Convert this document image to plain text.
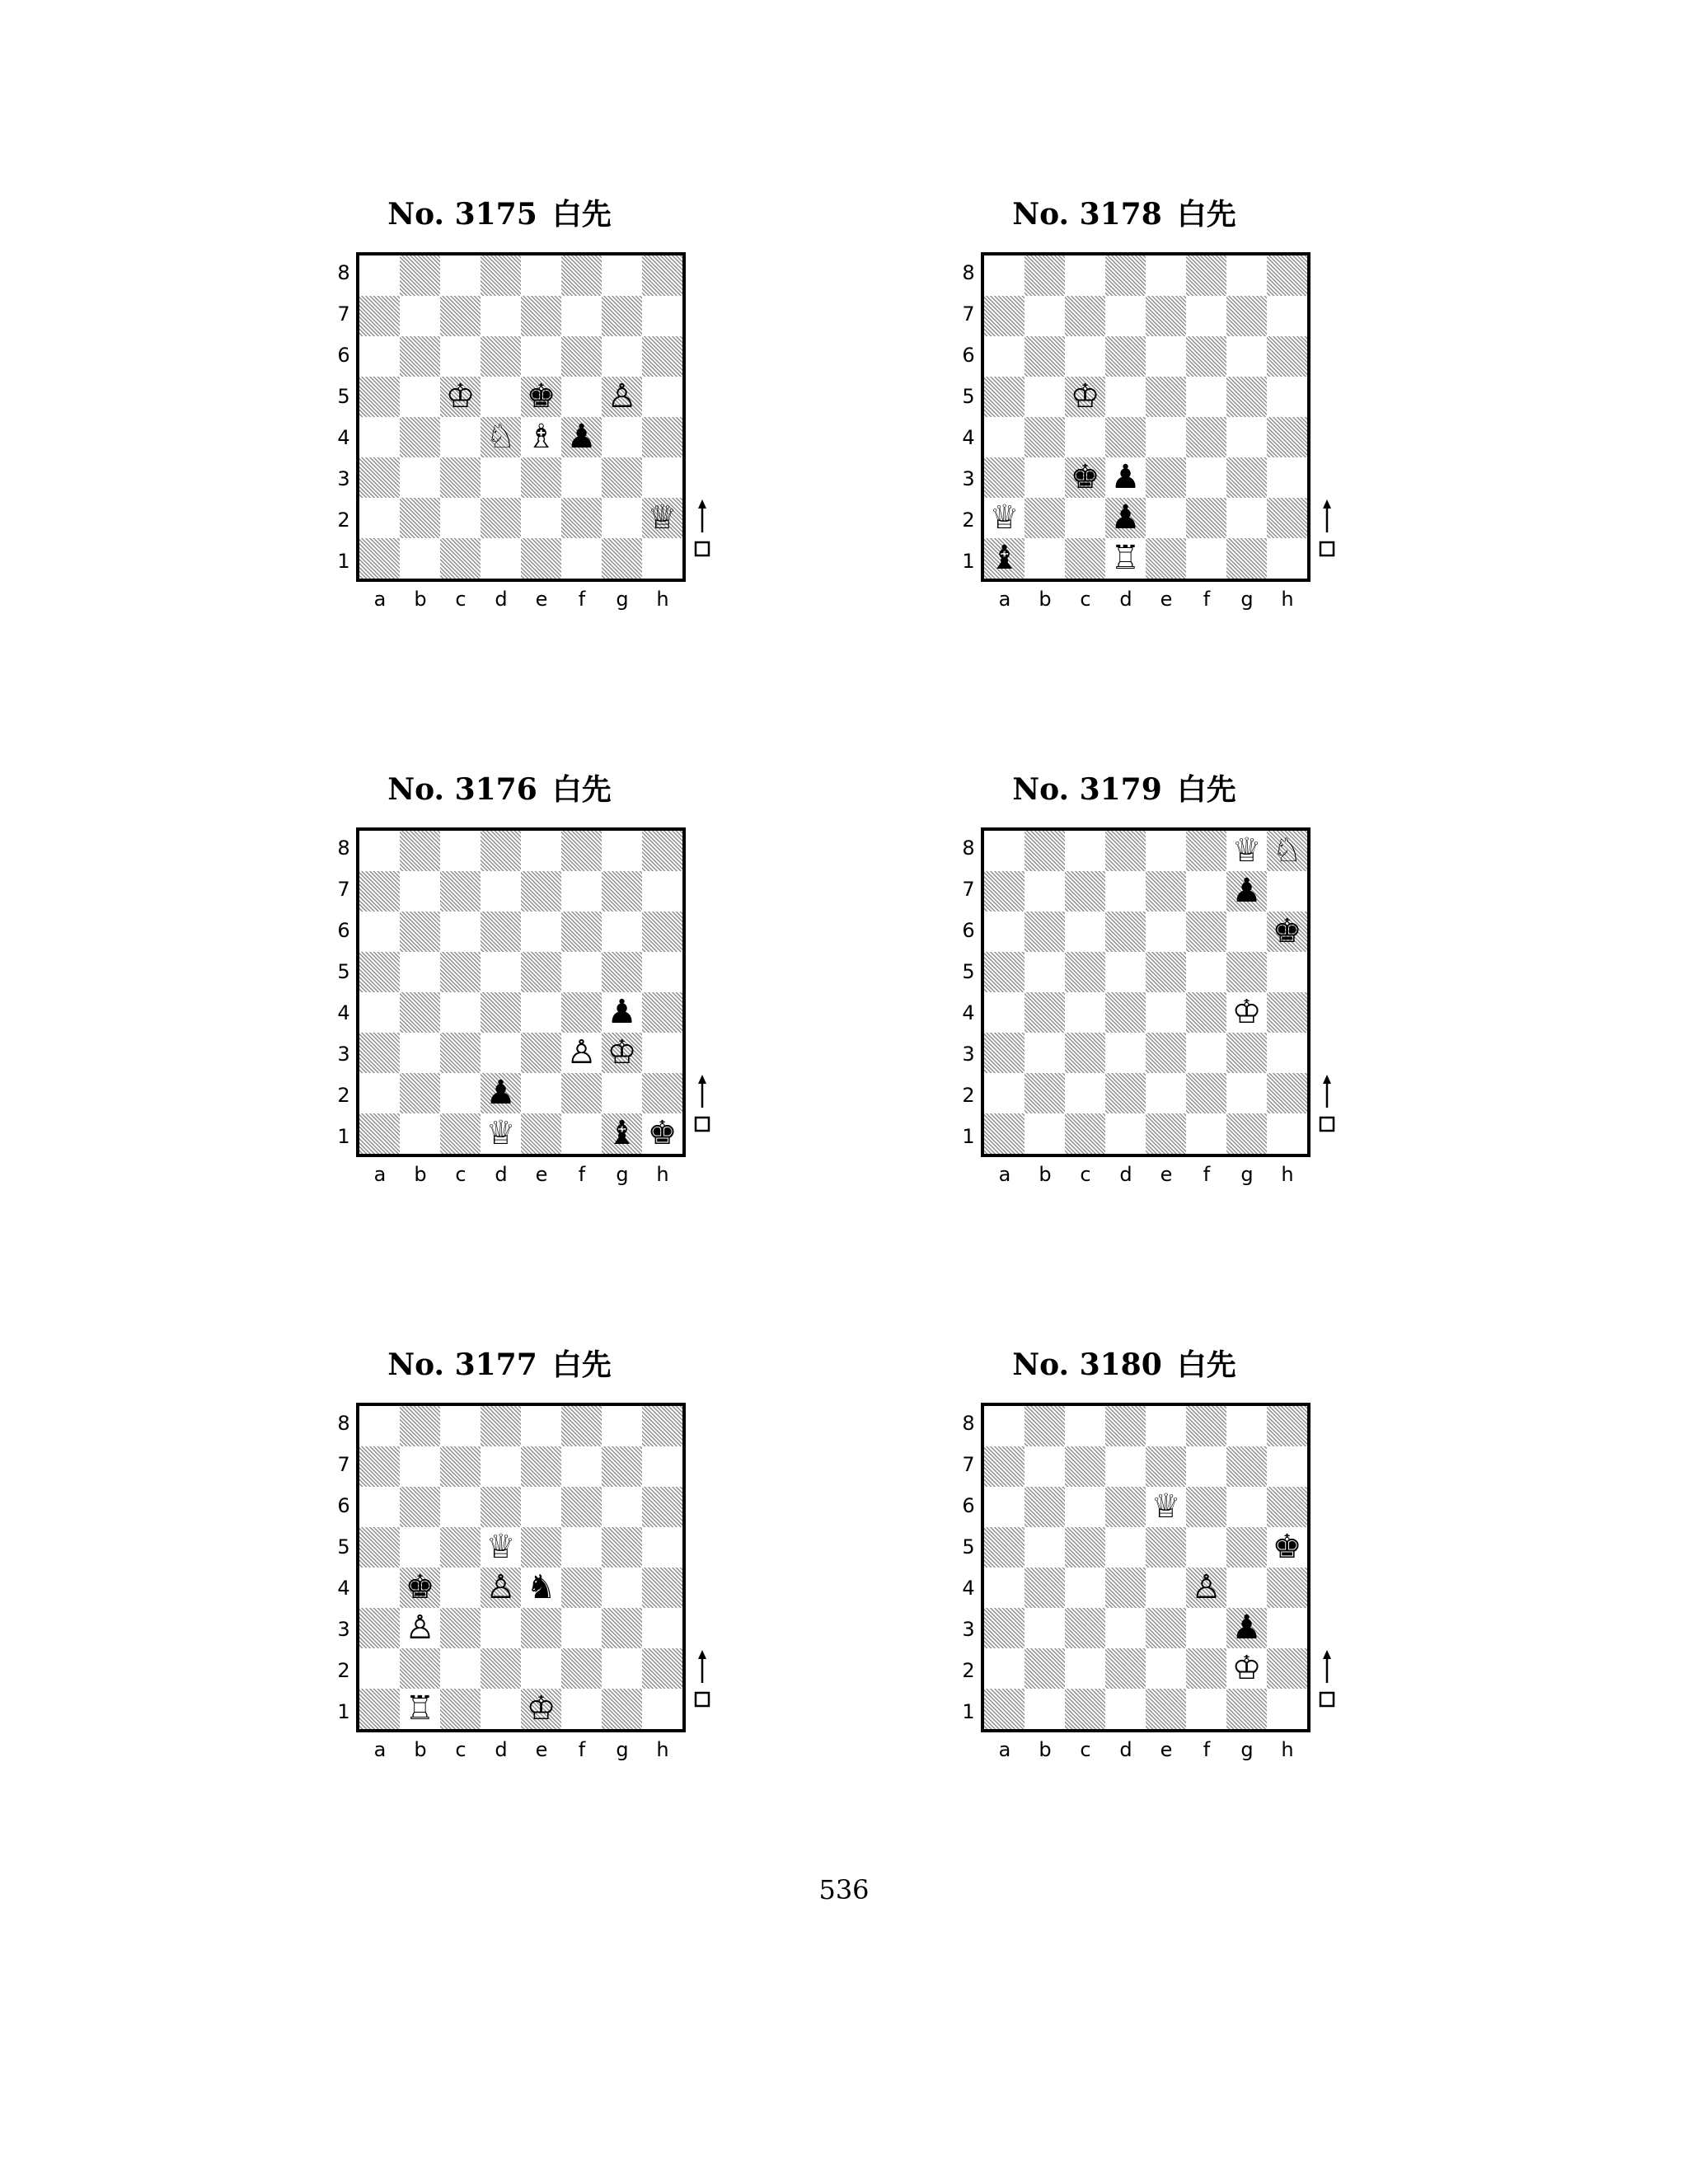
No. 3175 白先
8
7
6
5
4
3
2
1
♔ ♚ ♙
♘ ♗ ♟
♕
a	b	c	d	e	f	g	h
No. 3178 白先
8
7
6
5
4
3
2
1
♔
♚ ♟
♕	♟
♝	♖
a	b	c	d	e	f	g	h
No. 3176 白先
8
7
6
5
4
3
2
1
♟
♙ ♔
♟
♕	♝ ♚
a	b	c	d	e	f	g	h
No. 3179 白先
8
7
6
5
4
3
2
1
♕ ♘
♟
♚
♔
a	b	c	d	e	f	g	h
No. 3177 白先
8
7
6
5
4
3
2
1
♕
♚ ♙ ♞
♙
♖	♔
a	b	c	d	e	f	g	h
No. 3180 白先
8
7
6
5
4
3
2
1
♕
♚
♙
♟
♔
a	b	c	d	e	f	g	h
536
